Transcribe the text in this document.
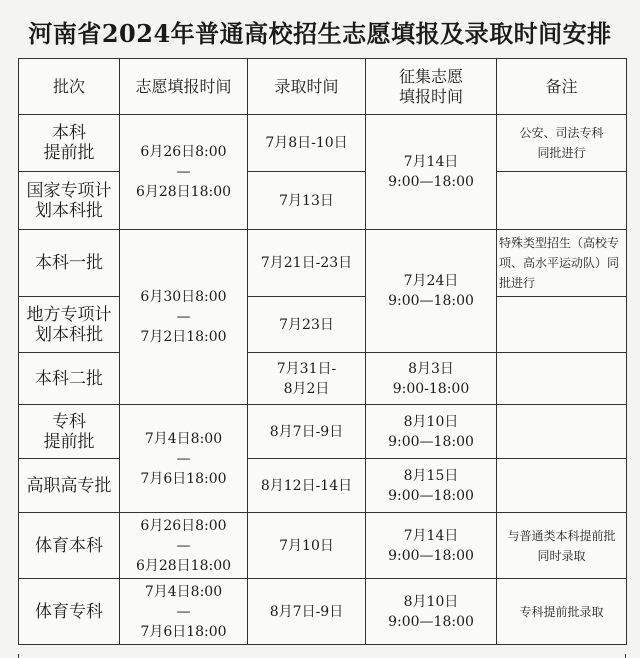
河南省2024年普通高校招生志愿填报及录取时间安排
批次	志愿填报时间	录取时间	征集志愿
填报时间	备注

本科
提前批	6月26日8:00
—
6月28日18:00	7月8日-10日	7月14日
9:00—18:00	公安、司法专科
同批进行

国家专项计
划本科批		7月13日		
本科一批	6月30日8:00
—
7月2日18:00	7月21日-23日	7月24日
9:00—18:00	特殊类型招生（高校专项、高水平运动队）同批进行

地方专项计
划本科批		7月23日		
本科二批		7月31日-
8月2日	8月3日
9:00-18:00	

专科
提前批	7月4日8:00
—
7月6日18:00	8月7日-9日	8月10日
9:00—18:00	

高职高专批		8月12日-14日	8月15日
9:00—18:00	

体育本科	6月26日8:00
—
6月28日18:00	7月10日	7月14日
9:00—18:00	与普通类本科提前批
同时录取

体育专科	7月4日8:00
—
7月6日18:00	8月7日-9日	8月10日
9:00—18:00	专科提前批录取
